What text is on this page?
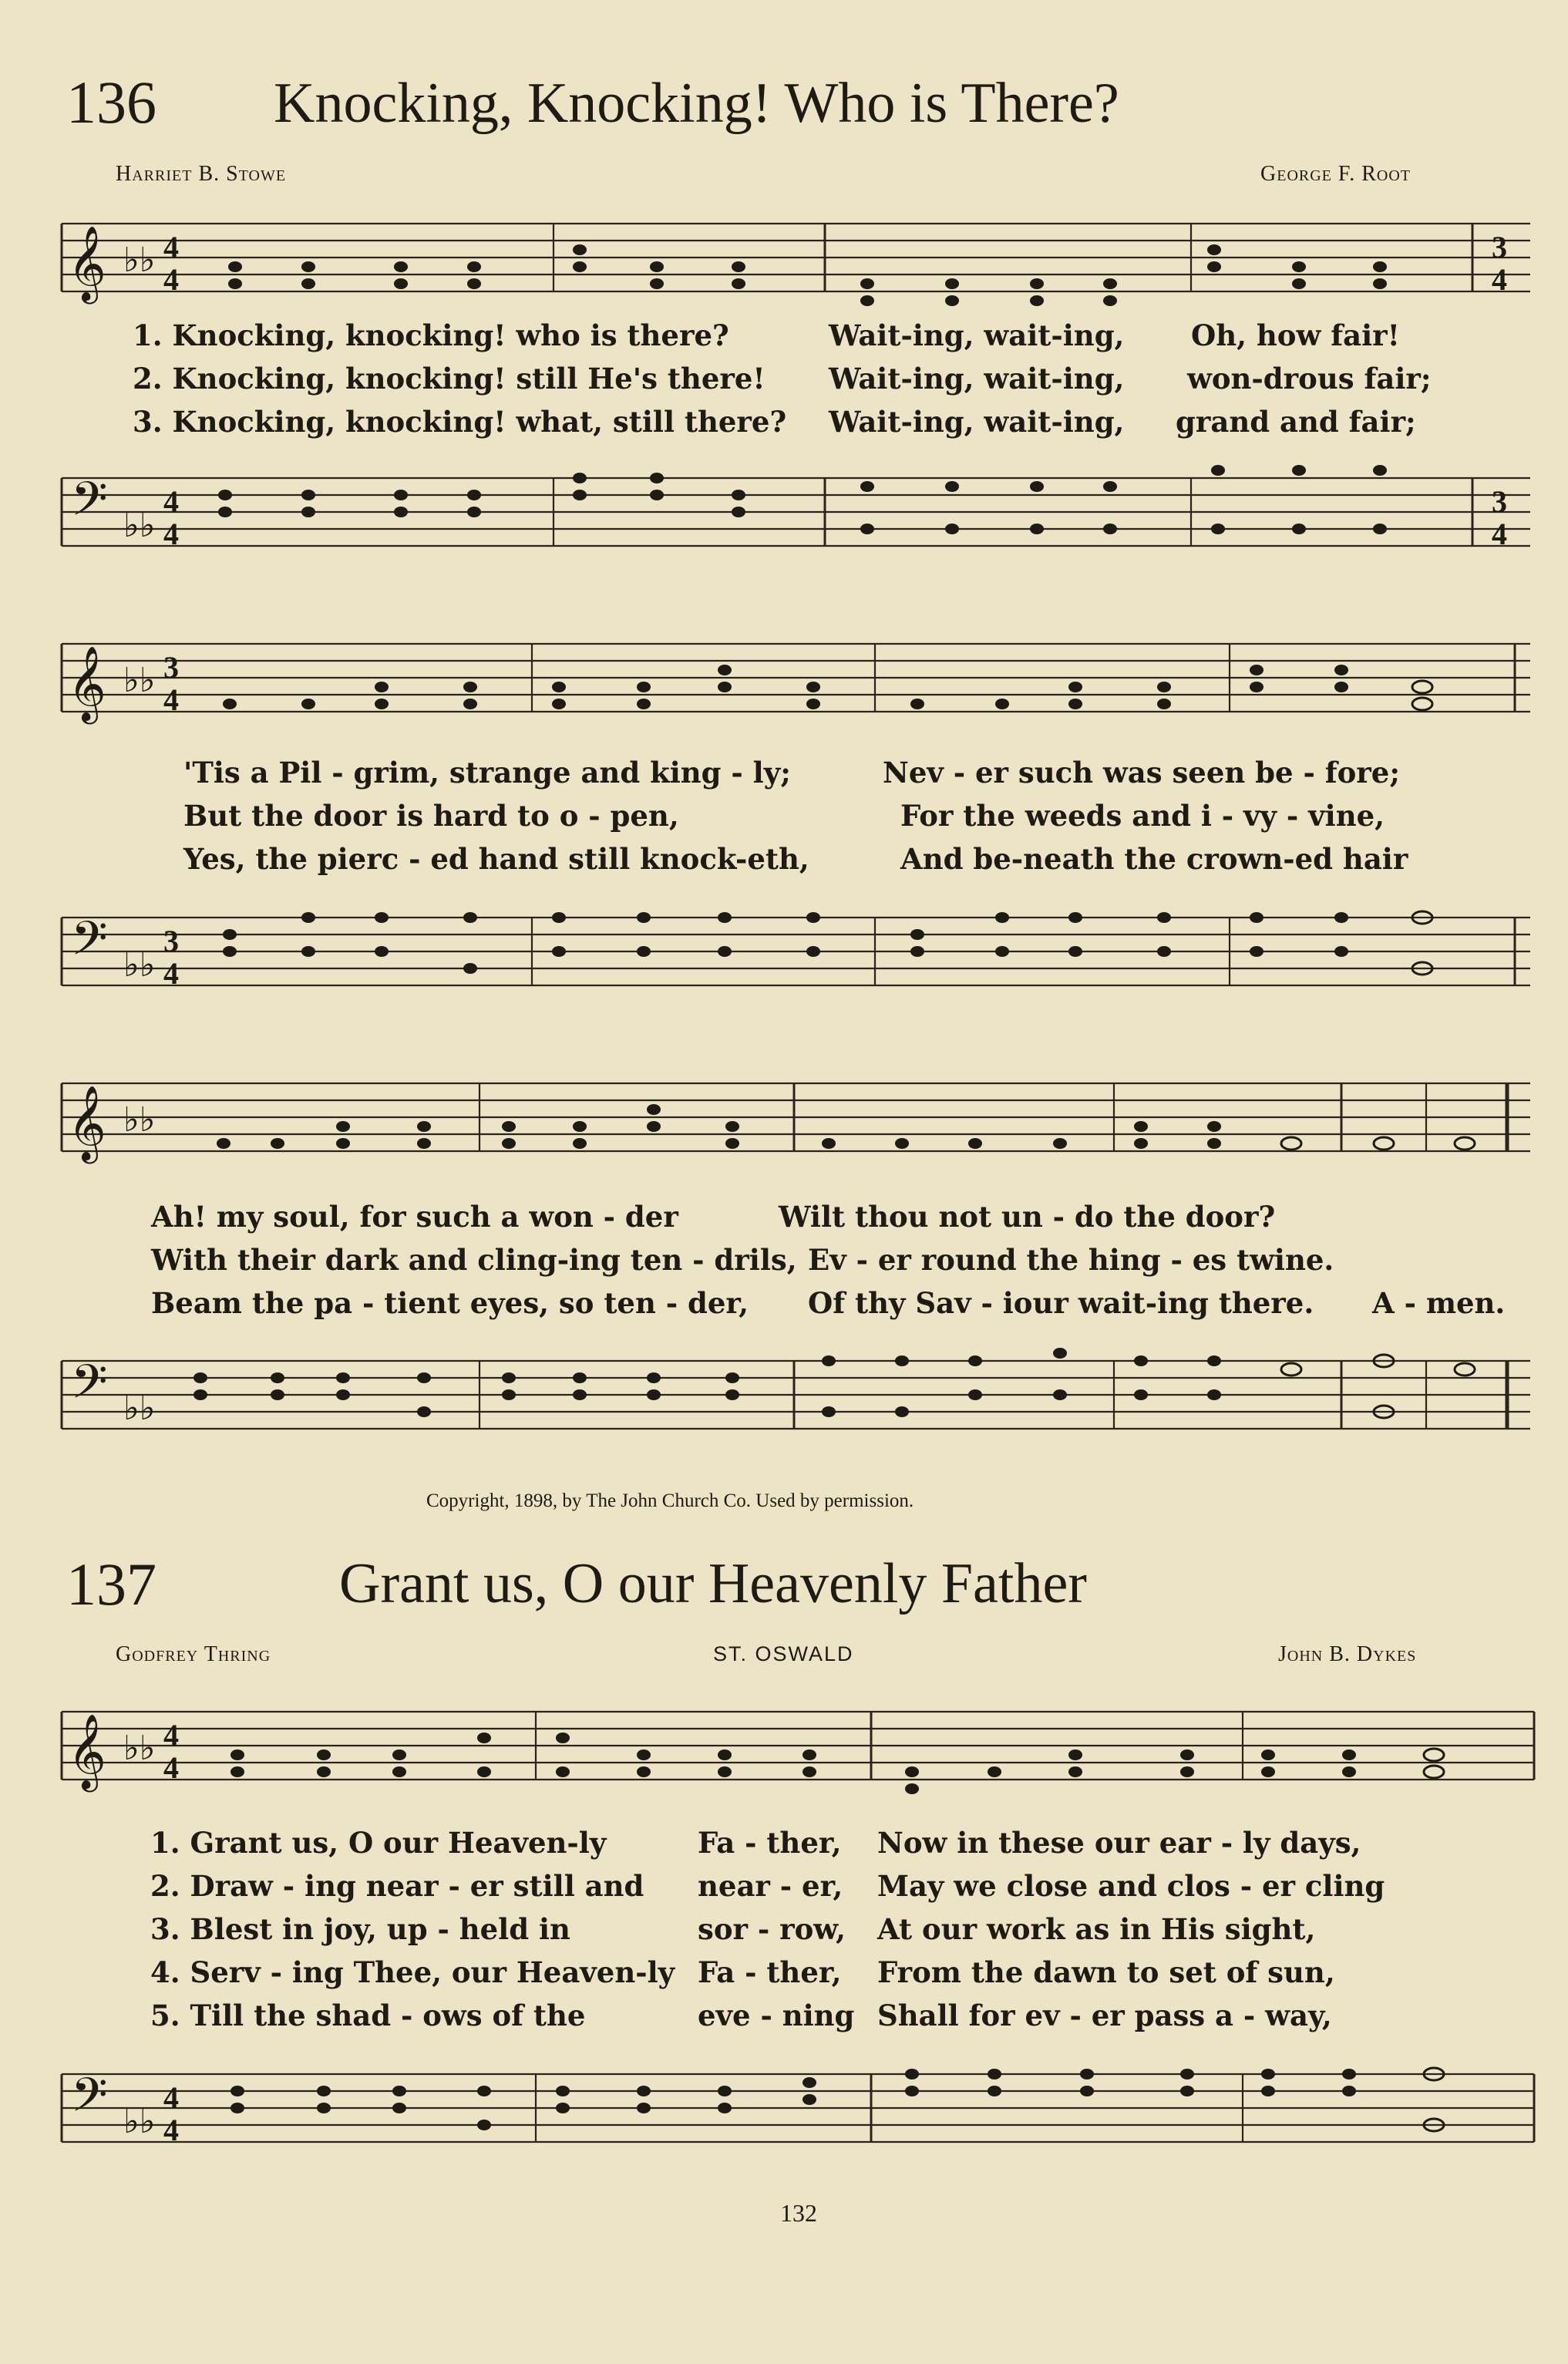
136 Knocking, Knocking! Who is There?
Harriet B. Stowe	George F. Root
𝄞 ♭♭ 4
4
3
4
1. Knocking, knocking! who is there?	Wait-ing, wait-ing, Oh, how fair!
2. Knocking, knocking! still He's there! Wait-ing, wait-ing, won-drous fair;
3. Knocking, knocking! what, still there? Wait-ing, wait-ing, grand and fair;
𝄢 ♭♭
4
4
3
4
𝄞 ♭♭ 3
4
'Tis a Pil - grim, strange and king - ly;	Nev - er such was seen be - fore;
But the door is hard to o - pen,	For the weeds and i - vy - vine,
Yes, the pierc - ed hand still knock-eth,	And be-neath the crown-ed hair
𝄢 ♭♭
3
4
𝄞 ♭♭
Ah! my soul, for such a won - der	Wilt thou not un - do the door?
With their dark and cling-ing ten - drils, Ev - er round the hing - es twine.
Beam the pa - tient eyes, so ten - der, Of thy Sav - iour wait-ing there. A - men.
𝄢 ♭♭
Copyright, 1898, by The John Church Co. Used by permission.
137	Grant us, O our Heavenly Father
Godfrey Thring	ST. OSWALD	John B. Dykes
𝄞 ♭♭ 4
4
1. Grant us, O our Heaven-ly	Fa - ther, Now in these our ear - ly days,
2. Draw - ing near - er still and near - er, May we close and clos - er cling
3. Blest in joy, up - held in	sor - row, At our work as in His sight,
4. Serv - ing Thee, our Heaven-ly Fa - ther, From the dawn to set of sun,
5. Till the shad - ows of the	eve - ning Shall for ev - er pass a - way,
𝄢 ♭♭
4
4
132
